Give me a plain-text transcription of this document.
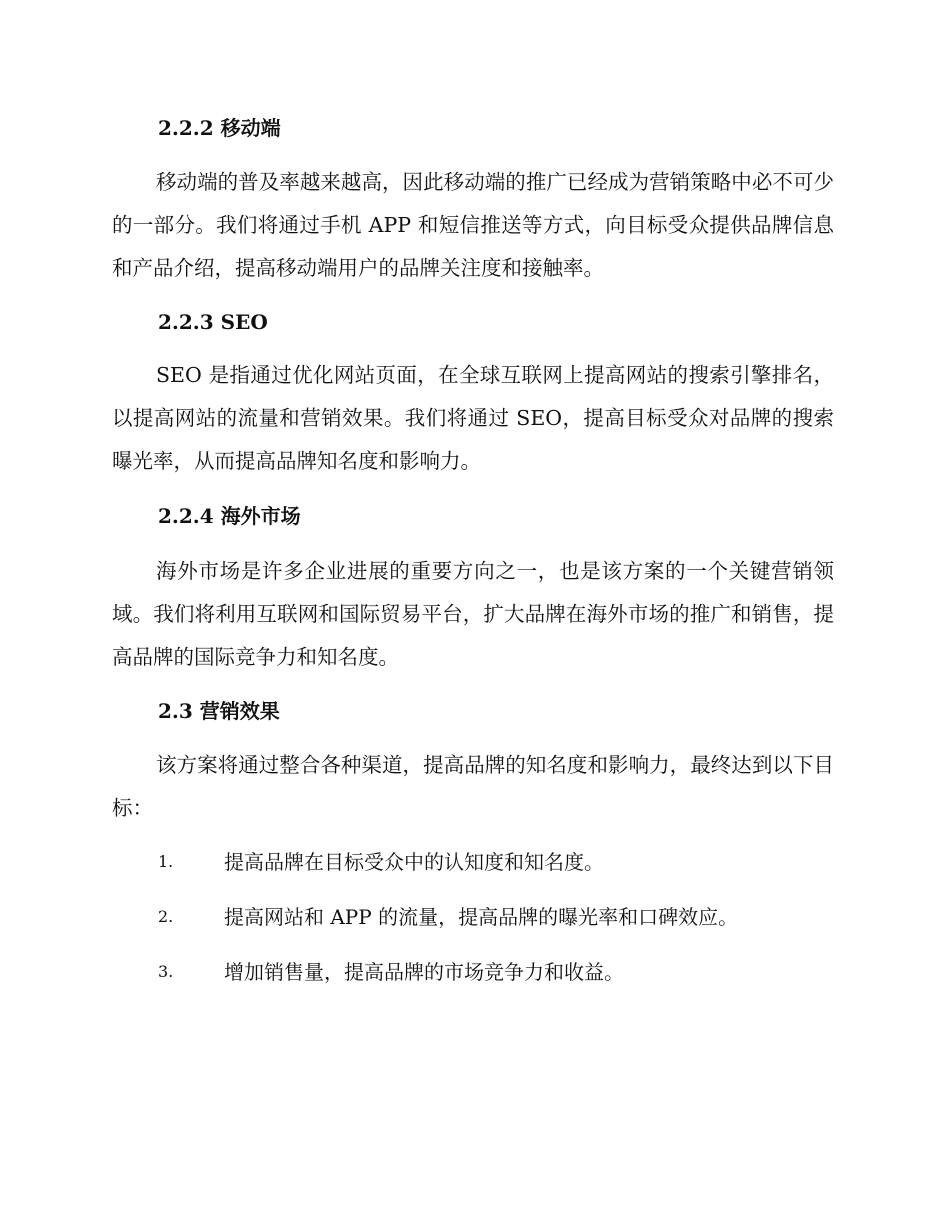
2.2.2 移动端

移动端的普及率越来越高，因此移动端的推广已经成为营销策略中必不可少的一部分。我们将通过手机 APP 和短信推送等方式，向目标受众提供品牌信息和产品介绍，提高移动端用户的品牌关注度和接触率。

2.2.3 SEO

SEO 是指通过优化网站页面，在全球互联网上提高网站的搜索引擎排名，以提高网站的流量和营销效果。我们将通过 SEO，提高目标受众对品牌的搜索曝光率，从而提高品牌知名度和影响力。

2.2.4 海外市场

海外市场是许多企业进展的重要方向之一，也是该方案的一个关键营销领域。我们将利用互联网和国际贸易平台，扩大品牌在海外市场的推广和销售，提高品牌的国际竞争力和知名度。

2.3 营销效果

该方案将通过整合各种渠道，提高品牌的知名度和影响力，最终达到以下目标：

1.	提高品牌在目标受众中的认知度和知名度。
2.	提高网站和 APP 的流量，提高品牌的曝光率和口碑效应。
3.	增加销售量，提高品牌的市场竞争力和收益。
